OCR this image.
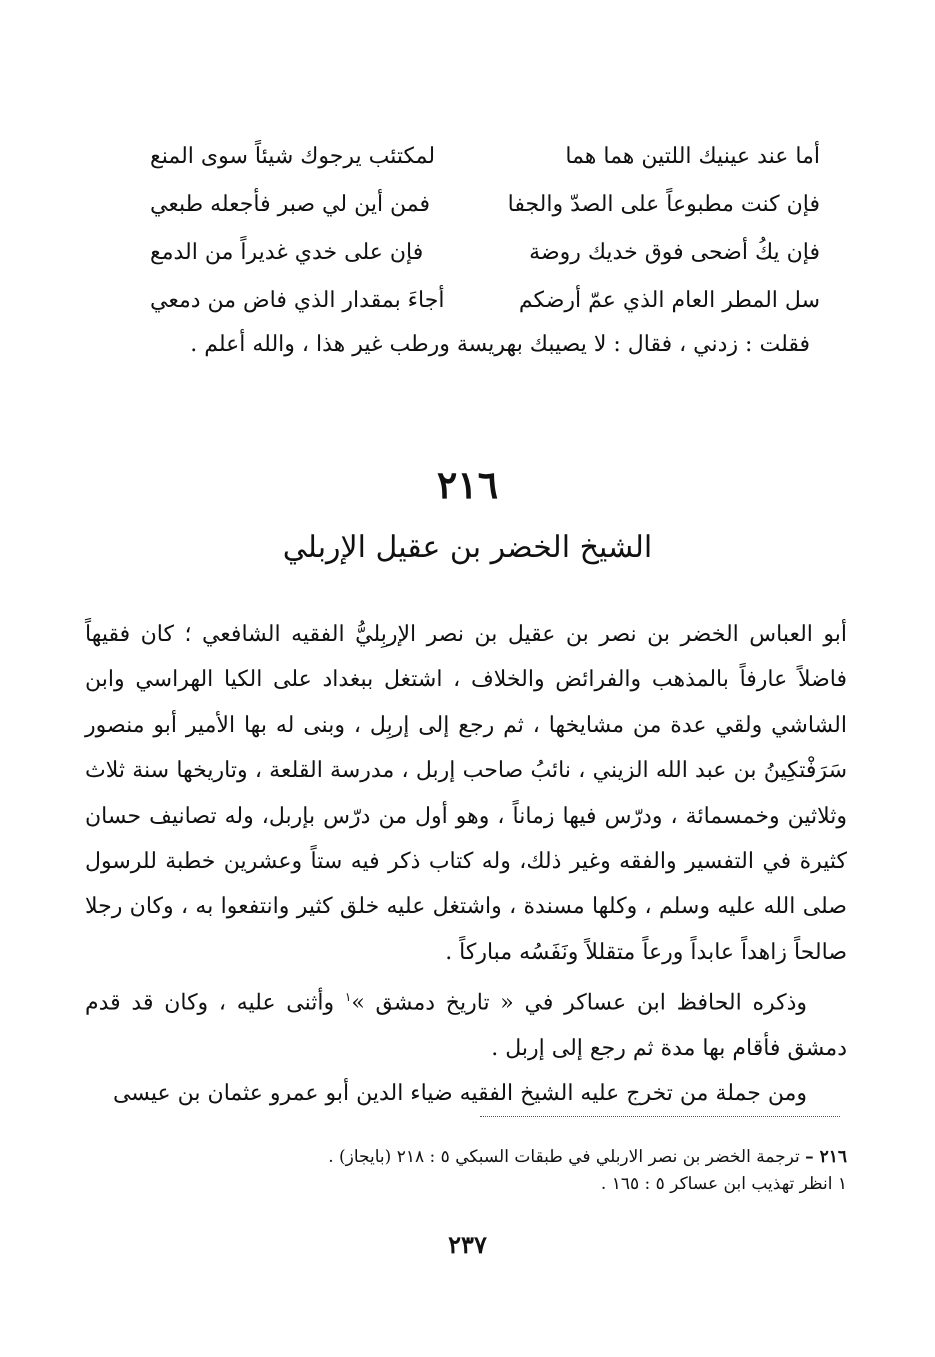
أما عند عينيك اللتين هما هما
لمكتئب يرجوك شيئاً سوى المنع
فإن كنت مطبوعاً على الصدّ والجفا
فمن أين لي صبر فأجعله طبعي
فإن يكُ أضحى فوق خديك روضة
فإن على خدي غديراً من الدمع
سل المطر العام الذي عمّ أرضكم
أجاءَ بمقدار الذي فاض من دمعي
فقلت : زدني ، فقال : لا يصيبك بهريسة ورطب غير هذا ، والله أعلم .
٢١٦
الشيخ الخضر بن عقيل الإربلي

أبو العباس الخضر بن نصر بن عقيل بن نصر الإربِليُّ الفقيه الشافعي ؛ كان فقيهاً فاضلاً عارفاً بالمذهب والفرائض والخلاف ، اشتغل ببغداد على الكيا الهراسي وابن الشاشي ولقي عدة من مشايخها ، ثم رجع إلى إربِل ، وبنى له بها الأمير أبو منصور سَرَفْتكِينُ بن عبد الله الزيني ، نائبُ صاحب إربل ، مدرسة القلعة ، وتاريخها سنة ثلاث وثلاثين وخمسمائة ، ودرّس فيها زماناً ، وهو أول من درّس بإربل، وله تصانيف حسان كثيرة في التفسير والفقه وغير ذلك، وله كتاب ذكر فيه ستاً وعشرين خطبة للرسول صلى الله عليه وسلم ، وكلها مسندة ، واشتغل عليه خلق كثير وانتفعوا به ، وكان رجلا صالحاً زاهداً عابداً ورعاً متقللاً ونَفَسُه مباركاً .

وذكره الحافظ ابن عساكر في « تاريخ دمشق »$^١$ وأثنى عليه ، وكان قد قدم دمشق فأقام بها مدة ثم رجع إلى إربل .

ومن جملة من تخرج عليه الشيخ الفقيه ضياء الدين أبو عمرو عثمان بن عيسى

٢١٦ – ترجمة الخضر بن نصر الاربلي في طبقات السبكي ٥ : ٢١٨ (بايجاز) .
١ انظر تهذيب ابن عساكر ٥ : ١٦٥ .
٢٣٧
